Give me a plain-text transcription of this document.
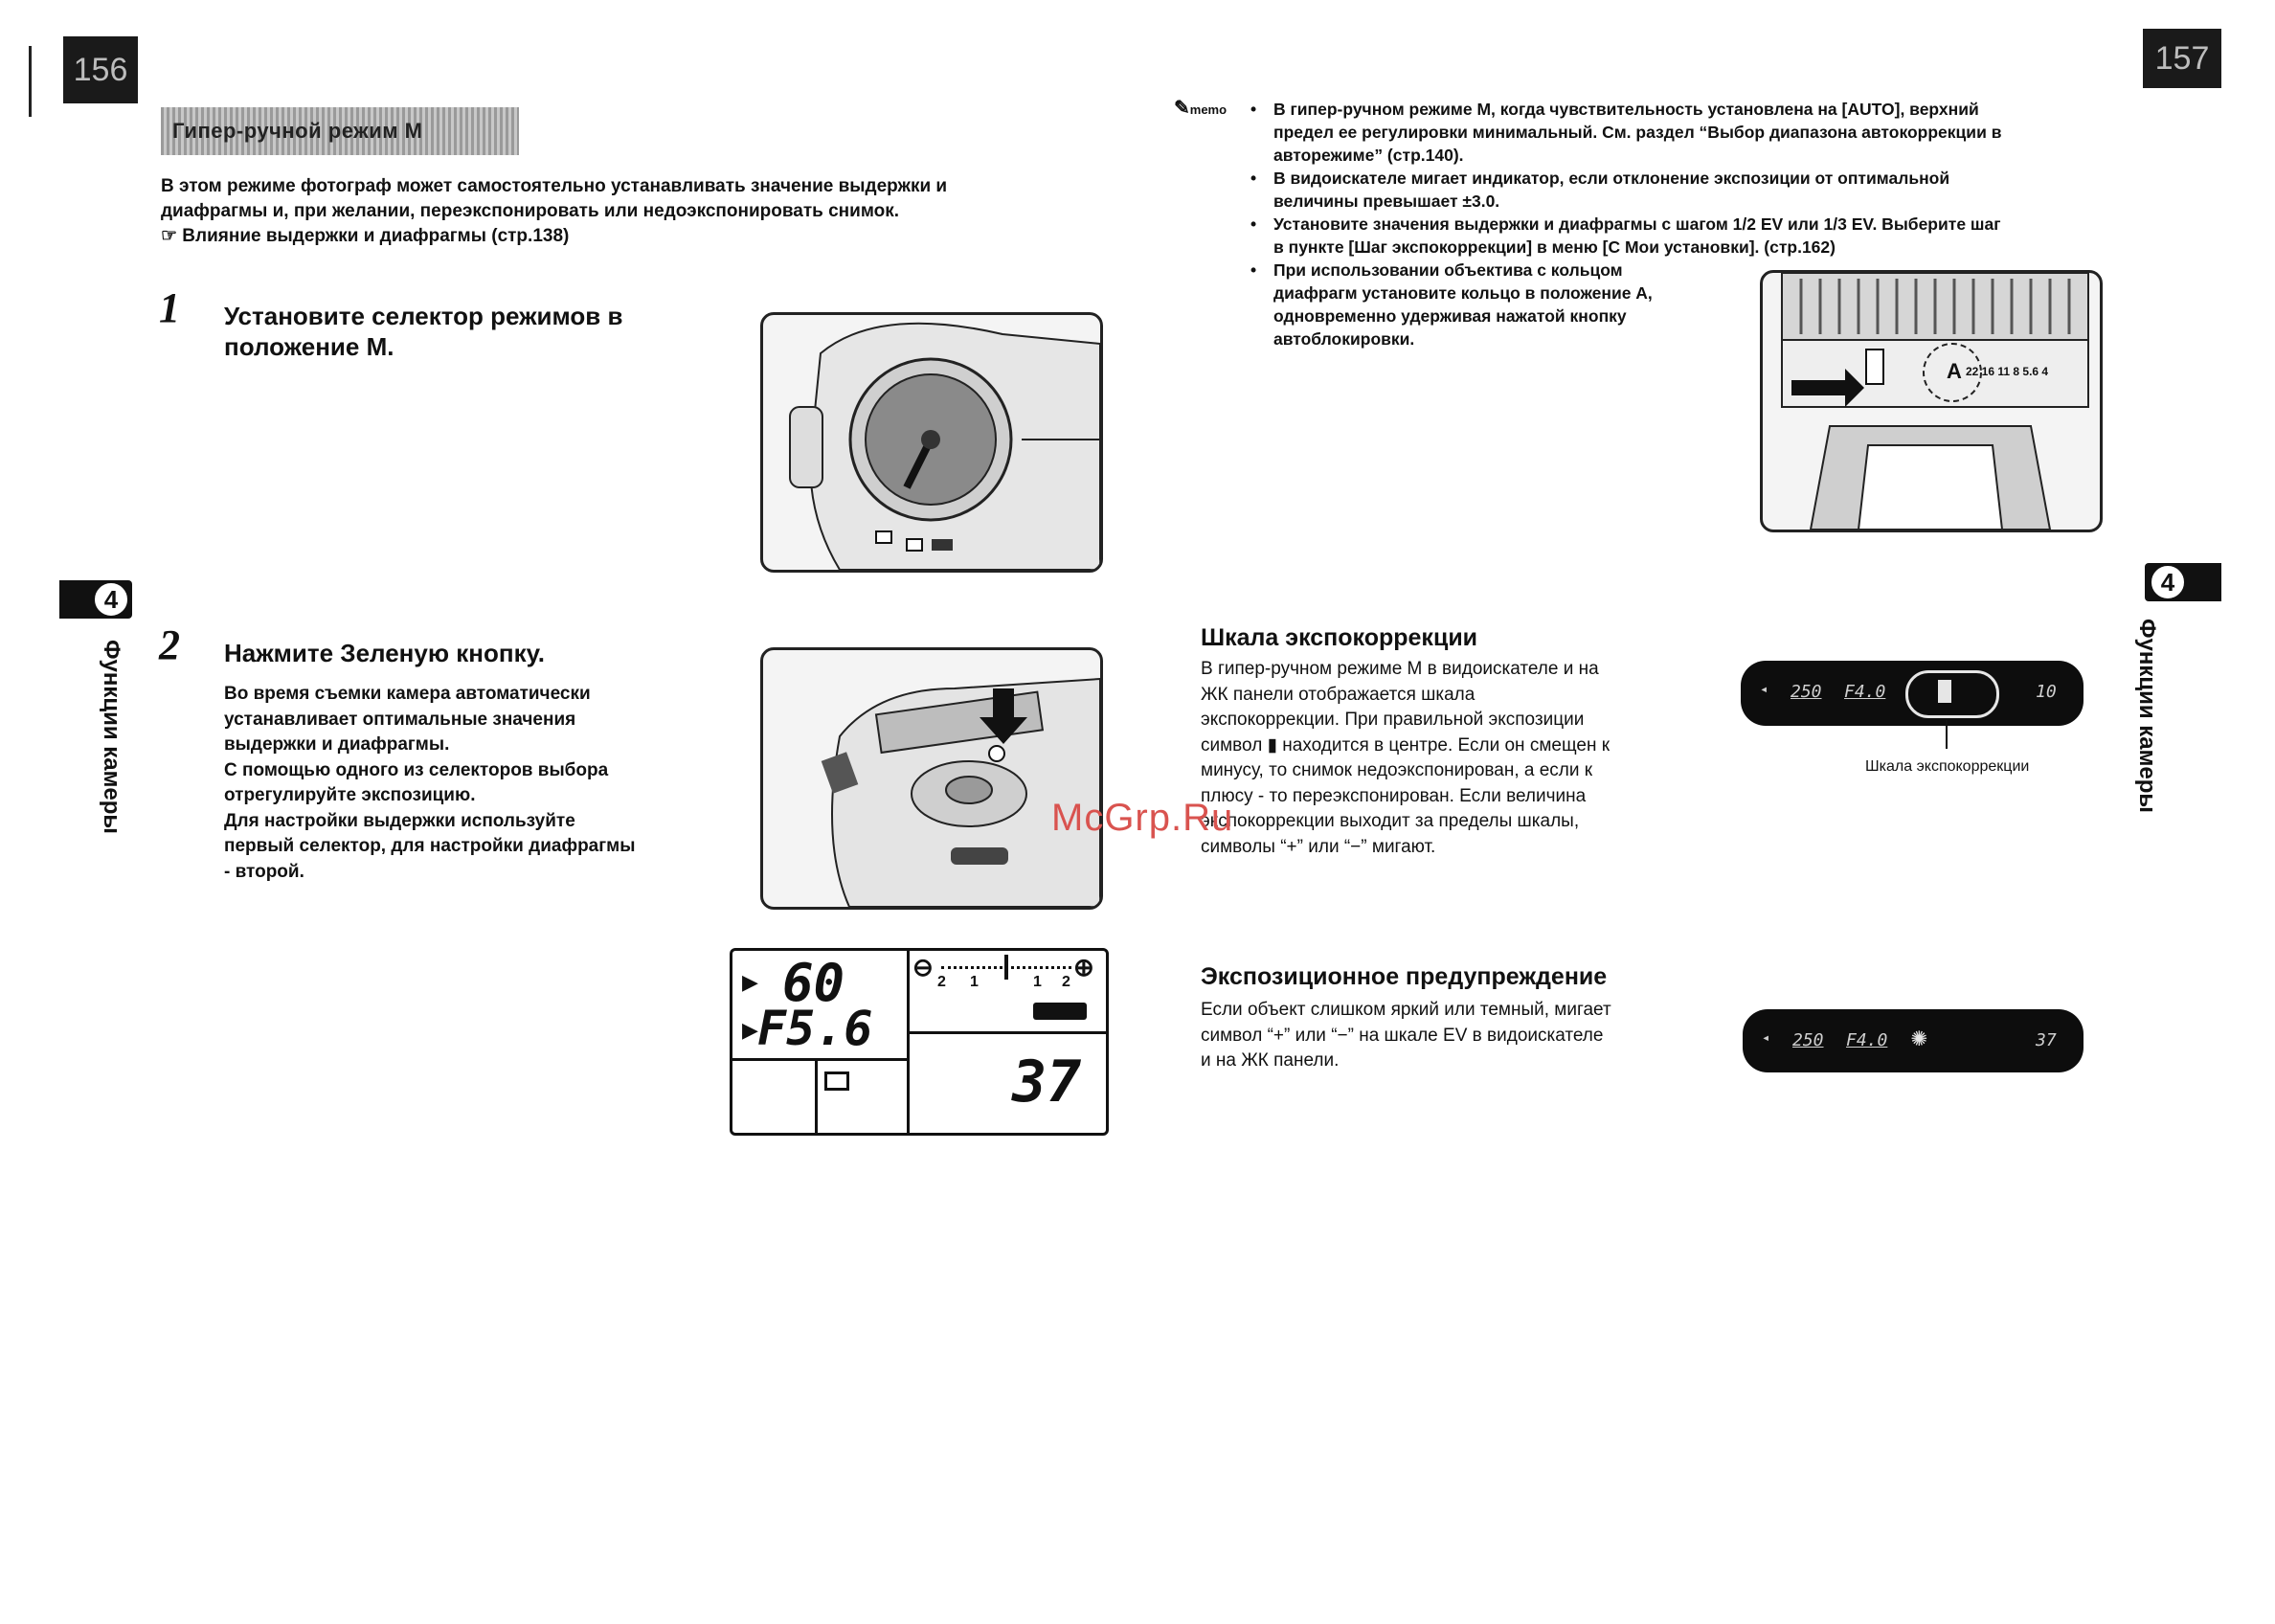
156
Гипер-ручной режим M
В этом режиме фотограф может самостоятельно устанавливать значение выдержки и
диафрагмы и, при желании, переэкспонировать или недоэкспонировать снимок.
☞ Влияние выдержки и диафрагмы (стр.138)
1 Установите селектор режимов в
положение M.
2 Нажмите Зеленую кнопку.
Во время съемки камера автоматически
устанавливает оптимальные значения
выдержки и диафрагмы.
С помощью одного из селекторов выбора
отрегулируйте экспозицию.
Для настройки выдержки используйте
первый селектор, для настройки диафрагмы
- второй.
▶ 60
▶ F5.6
⊖	⊕
2 1	1 2
37
4
Функции камеры
157
✎memo
•	В гипер-ручном режиме M, когда чувствительность установлена на [AUTO], верхний
предел ее регулировки минимальный. См. раздел “Выбор диапазона автокоррекции в
авторежиме” (стр.140).
• В видоискателе мигает индикатор, если отклонение экспозиции от оптимальной
величины превышает ±3.0.
• Установите значения выдержки и диафрагмы с шагом 1/2 EV или 1/3 EV. Выберите шаг
в пункте [Шаг экспокоррекции] в меню [C Мои установки]. (стр.162)
• При использовании объектива с кольцом
диафрагм установите кольцо в положение A,
одновременно удерживая нажатой кнопку
автоблокировки.
A 22 16 11 8 5.6 4
Шкала экспокоррекции
В гипер-ручном режиме M в видоискателе и на
ЖК панели отображается шкала
экспокоррекции. При правильной экспозиции
символ ▮ находится в центре. Если он смещен к
минусу, то снимок недоэкспонирован, а если к
плюсу - то переэкспонирован. Если величина
экспокоррекции выходит за пределы шкалы,
символы “+” или “−” мигают.
◂ 250 F4.0	10
Шкала экспокоррекции
Экспозиционное предупреждение
Если объект слишком яркий или темный, мигает
символ “+” или “−” на шкале EV в видоискателе
и на ЖК панели.
◂ 250 F4.0 ✺	37
4
Функции камеры
McGrp.Ru
